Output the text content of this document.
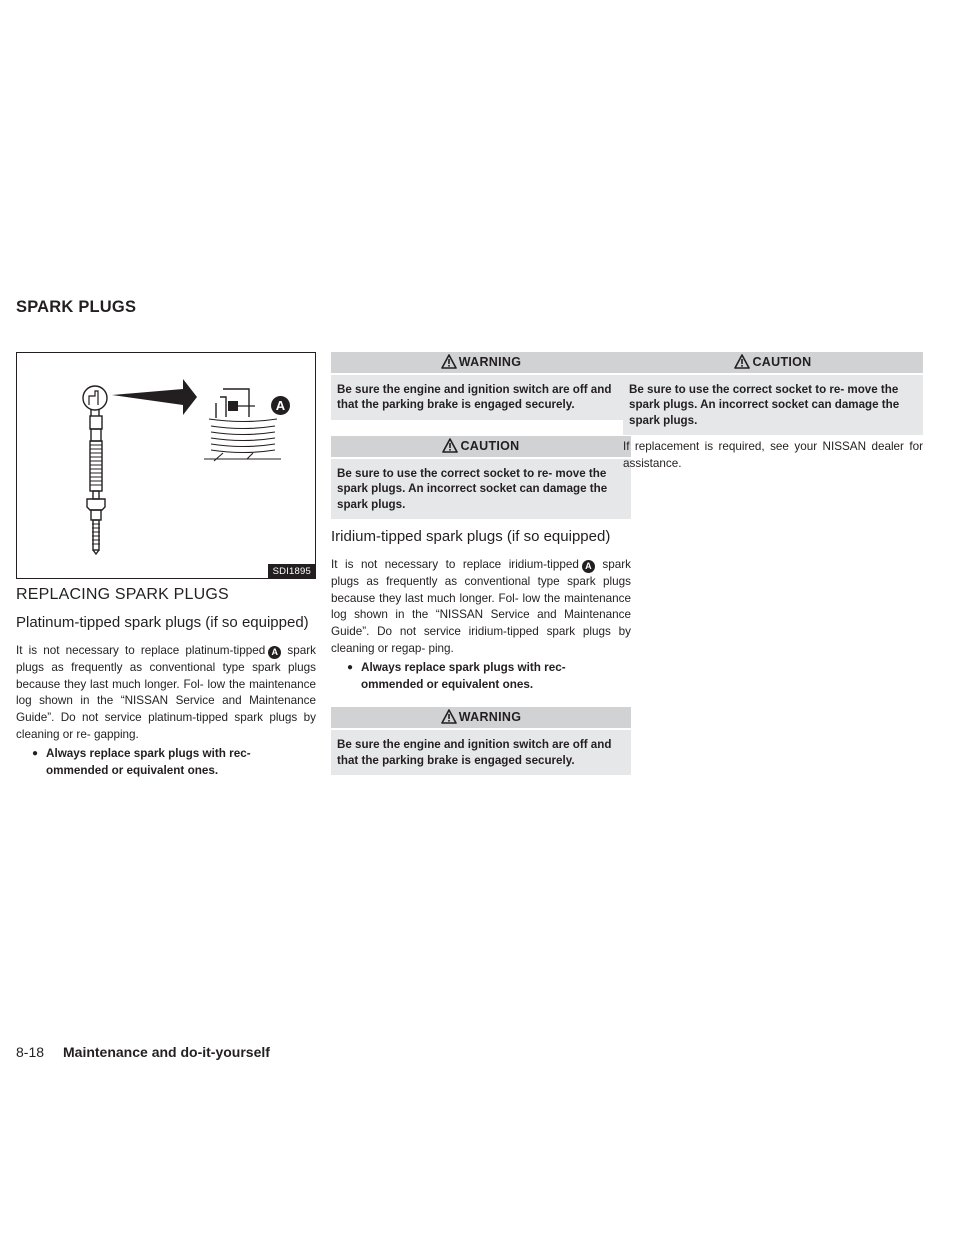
SPARK PLUGS
A
SDI1895
REPLACING SPARK PLUGS
Platinum-tipped spark plugs (if so equipped)

It is not necessary to replace platinum-tipped A spark plugs as frequently as conventional type spark plugs because they last much longer. Fol- low the maintenance log shown in the “NISSAN Service and Maintenance Guide”. Do not service platinum-tipped spark plugs by cleaning or re- gapping.

● Always replace spark plugs with rec- ommended or equivalent ones.
WARNING
Be sure the engine and ignition switch are off and that the parking brake is engaged securely.
CAUTION
Be sure to use the correct socket to re- move the spark plugs. An incorrect socket can damage the spark plugs.
Iridium-tipped spark plugs (if so equipped)

It is not necessary to replace iridium-tipped A spark plugs as frequently as conventional type spark plugs because they last much longer. Fol- low the maintenance log shown in the “NISSAN Service and Maintenance Guide”. Do not service iridium-tipped spark plugs by cleaning or regap- ping.

● Always replace spark plugs with rec- ommended or equivalent ones.
WARNING
Be sure the engine and ignition switch are off and that the parking brake is engaged securely.
CAUTION
Be sure to use the correct socket to re- move the spark plugs. An incorrect socket can damage the spark plugs.

If replacement is required, see your NISSAN dealer for assistance.

8-18 Maintenance and do-it-yourself
